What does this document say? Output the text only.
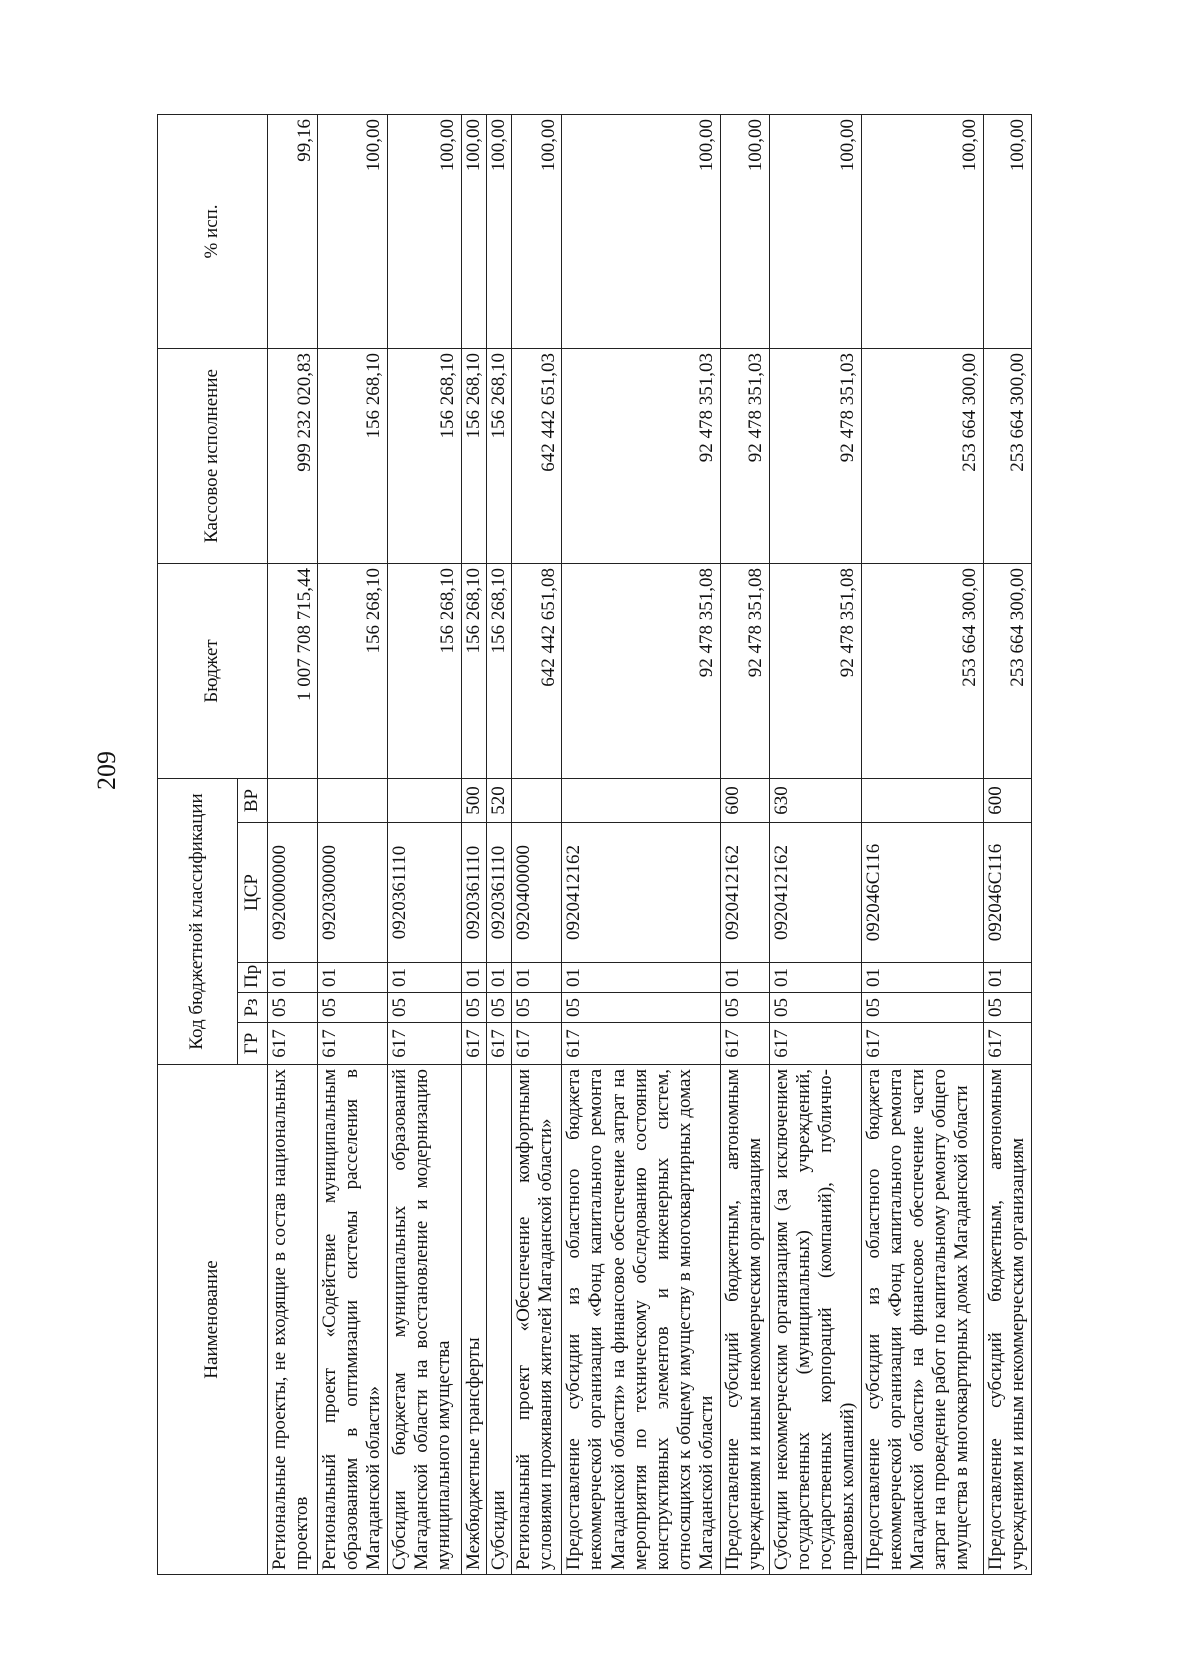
209
Наименование	Код бюджетной классификации					Бюджет	Кассовое исполнение	% исп.
	ГР	Рз	Пр	ЦСР	ВР			
Региональные проекты, не входящие в состав национальных проектов	617	05	01	0920000000		1 007 708 715,44	999 232 020,83	99,16
Региональный проект «Содействие муниципальным образованиям в оптимизации системы расселения в Магаданской области»	617	05	01	0920300000		156 268,10	156 268,10	100,00
Субсидии бюджетам муниципальных образований Магаданской области на восстановление и модернизацию муниципального имущества	617	05	01	0920361110		156 268,10	156 268,10	100,00
Межбюджетные трансферты	617	05	01	0920361110	500	156 268,10	156 268,10	100,00
Субсидии	617	05	01	0920361110	520	156 268,10	156 268,10	100,00
Региональный проект «Обеспечение комфортными условиями проживания жителей Магаданской области»	617	05	01	0920400000		642 442 651,08	642 442 651,03	100,00
Предоставление субсидии из областного бюджета некоммерческой организации «Фонд капитального ремонта Магаданской области» на финансовое обеспечение затрат на мероприятия по техническому обследованию состояния конструктивных элементов и инженерных систем, относящихся к общему имуществу в многоквартирных домах Магаданской области	617	05	01	0920412162		92 478 351,08	92 478 351,03	100,00
Предоставление субсидий бюджетным, автономным учреждениям и иным некоммерческим организациям	617	05	01	0920412162	600	92 478 351,08	92 478 351,03	100,00
Субсидии некоммерческим организациям (за исключением государственных (муниципальных) учреждений, государственных корпораций (компаний), публично-правовых компаний)	617	05	01	0920412162	630	92 478 351,08	92 478 351,03	100,00
Предоставление субсидии из областного бюджета некоммерческой организации «Фонд капитального ремонта Магаданской области» на финансовое обеспечение части затрат на проведение работ по капитальному ремонту общего имущества в многоквартирных домах Магаданской области	617	05	01	092046С116		253 664 300,00	253 664 300,00	100,00
Предоставление субсидий бюджетным, автономным учреждениям и иным некоммерческим организациям	617	05	01	092046С116	600	253 664 300,00	253 664 300,00	100,00
